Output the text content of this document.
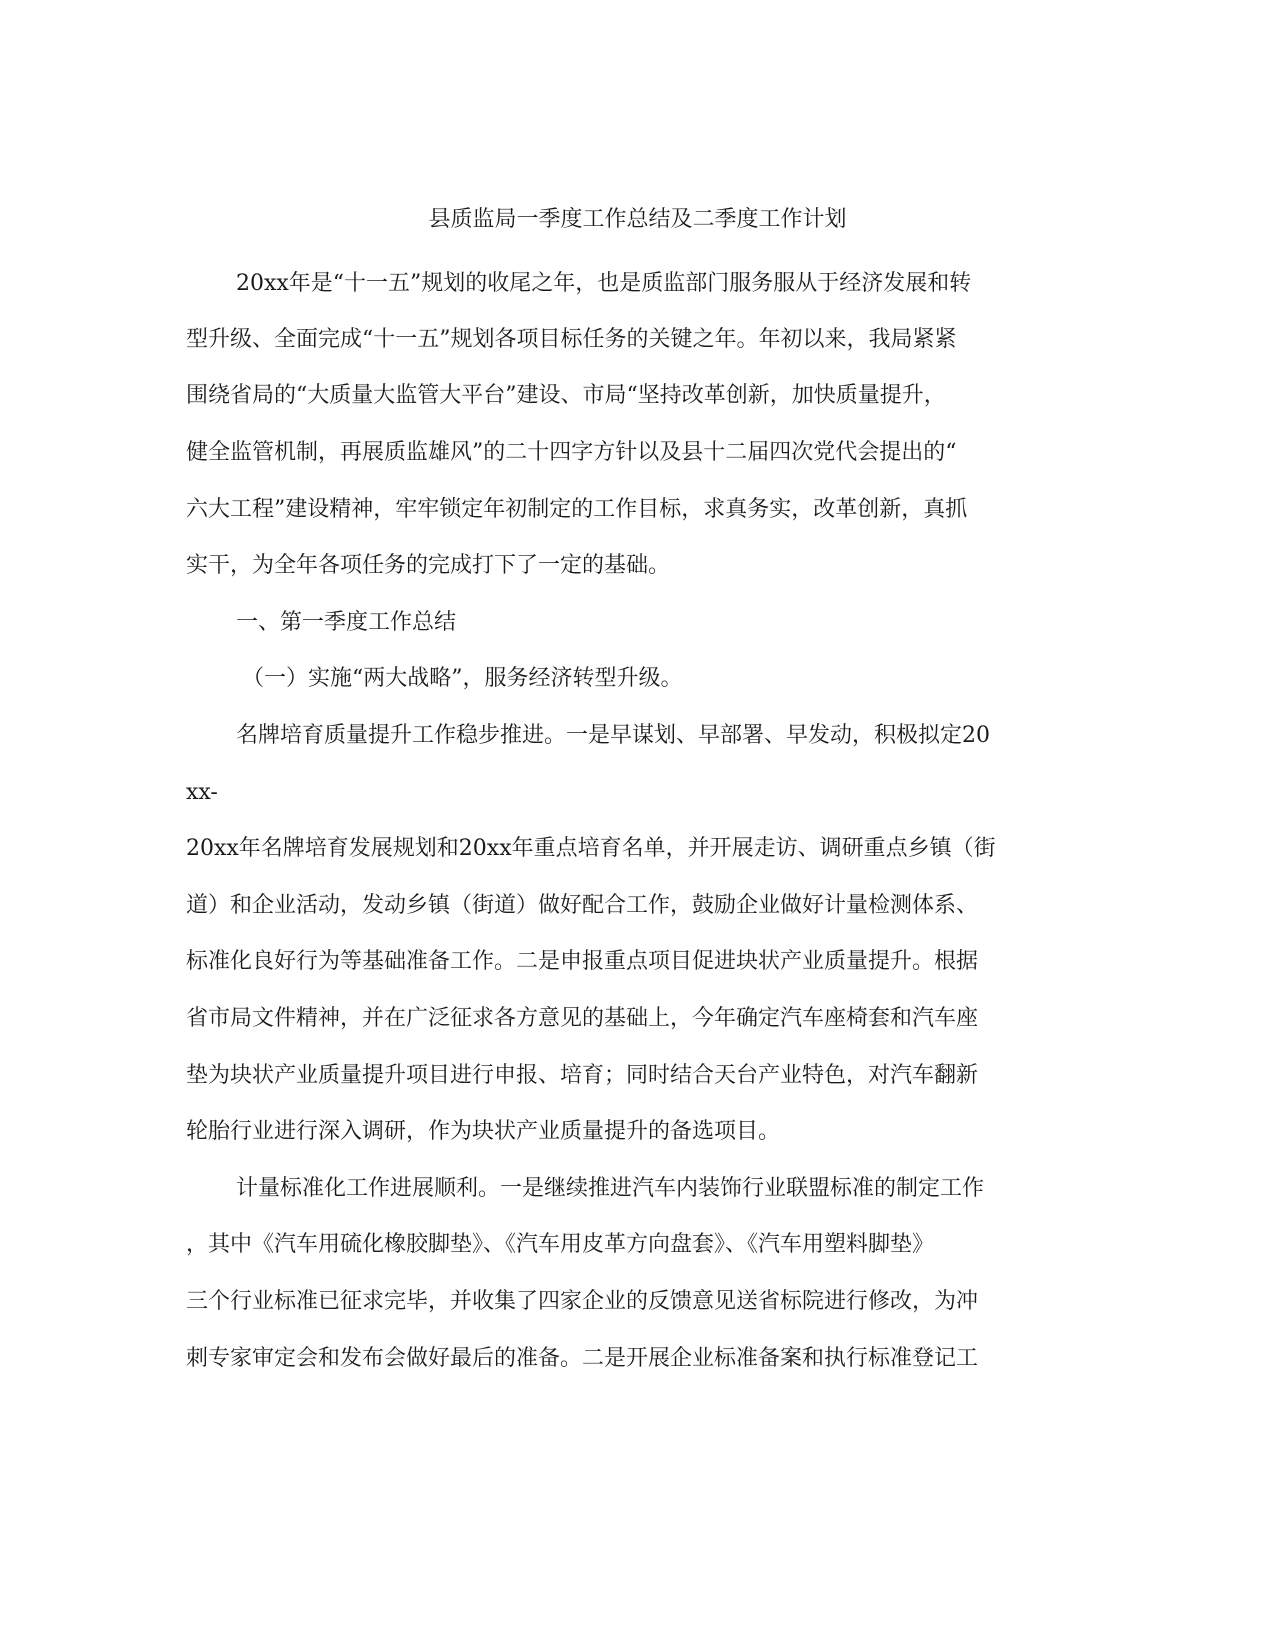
县质监局一季度工作总结及二季度工作计划
20xx年是“十一五”规划的收尾之年，也是质监部门服务服从于经济发展和转
型升级、全面完成“十一五”规划各项目标任务的关键之年。年初以来，我局紧紧
围绕省局的“大质量大监管大平台”建设、市局“坚持改革创新，加快质量提升，
健全监管机制，再展质监雄风”的二十四字方针以及县十二届四次党代会提出的“
六大工程”建设精神，牢牢锁定年初制定的工作目标，求真务实，改革创新，真抓
实干，为全年各项任务的完成打下了一定的基础。
一、第一季度工作总结
（一）实施“两大战略”，服务经济转型升级。
名牌培育质量提升工作稳步推进。一是早谋划、早部署、早发动，积极拟定20
xx-
20xx年名牌培育发展规划和20xx年重点培育名单，并开展走访、调研重点乡镇（街
道）和企业活动，发动乡镇（街道）做好配合工作，鼓励企业做好计量检测体系、
标准化良好行为等基础准备工作。二是申报重点项目促进块状产业质量提升。根据
省市局文件精神，并在广泛征求各方意见的基础上，今年确定汽车座椅套和汽车座
垫为块状产业质量提升项目进行申报、培育；同时结合天台产业特色，对汽车翻新
轮胎行业进行深入调研，作为块状产业质量提升的备选项目。
计量标准化工作进展顺利。一是继续推进汽车内装饰行业联盟标准的制定工作
，其中《汽车用硫化橡胶脚垫》、《汽车用皮革方向盘套》、《汽车用塑料脚垫》
三个行业标准已征求完毕，并收集了四家企业的反馈意见送省标院进行修改，为冲
刺专家审定会和发布会做好最后的准备。二是开展企业标准备案和执行标准登记工
